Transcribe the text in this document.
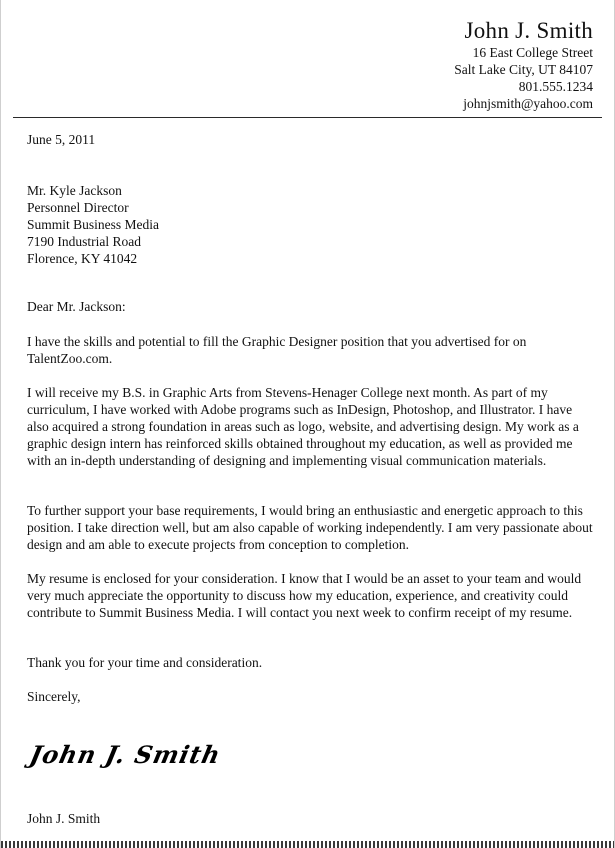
John J. Smith
16 East College Street
Salt Lake City, UT 84107
801.555.1234
johnjsmith@yahoo.com
June 5, 2011
Mr. Kyle Jackson
Personnel Director
Summit Business Media
7190 Industrial Road
Florence, KY 41042
Dear Mr. Jackson:

I have the skills and potential to fill the Graphic Designer position that you advertised for on TalentZoo.com.

I will receive my B.S. in Graphic Arts from Stevens-Henager College next month. As part of my curriculum, I have worked with Adobe programs such as InDesign, Photoshop, and Illustrator. I have also acquired a strong foundation in areas such as logo, website, and advertising design. My work as a graphic design intern has reinforced skills obtained throughout my education, as well as provided me with an in-depth understanding of designing and implementing visual communication materials.

To further support your base requirements, I would bring an enthusiastic and energetic approach to this position. I take direction well, but am also capable of working independently. I am very passionate about design and am able to execute projects from conception to completion.

My resume is enclosed for your consideration. I know that I would be an asset to your team and would very much appreciate the opportunity to discuss how my education, experience, and creativity could contribute to Summit Business Media. I will contact you next week to confirm receipt of my resume.

Thank you for your time and consideration.

Sincerely,
John J. Smith
John J. Smith
